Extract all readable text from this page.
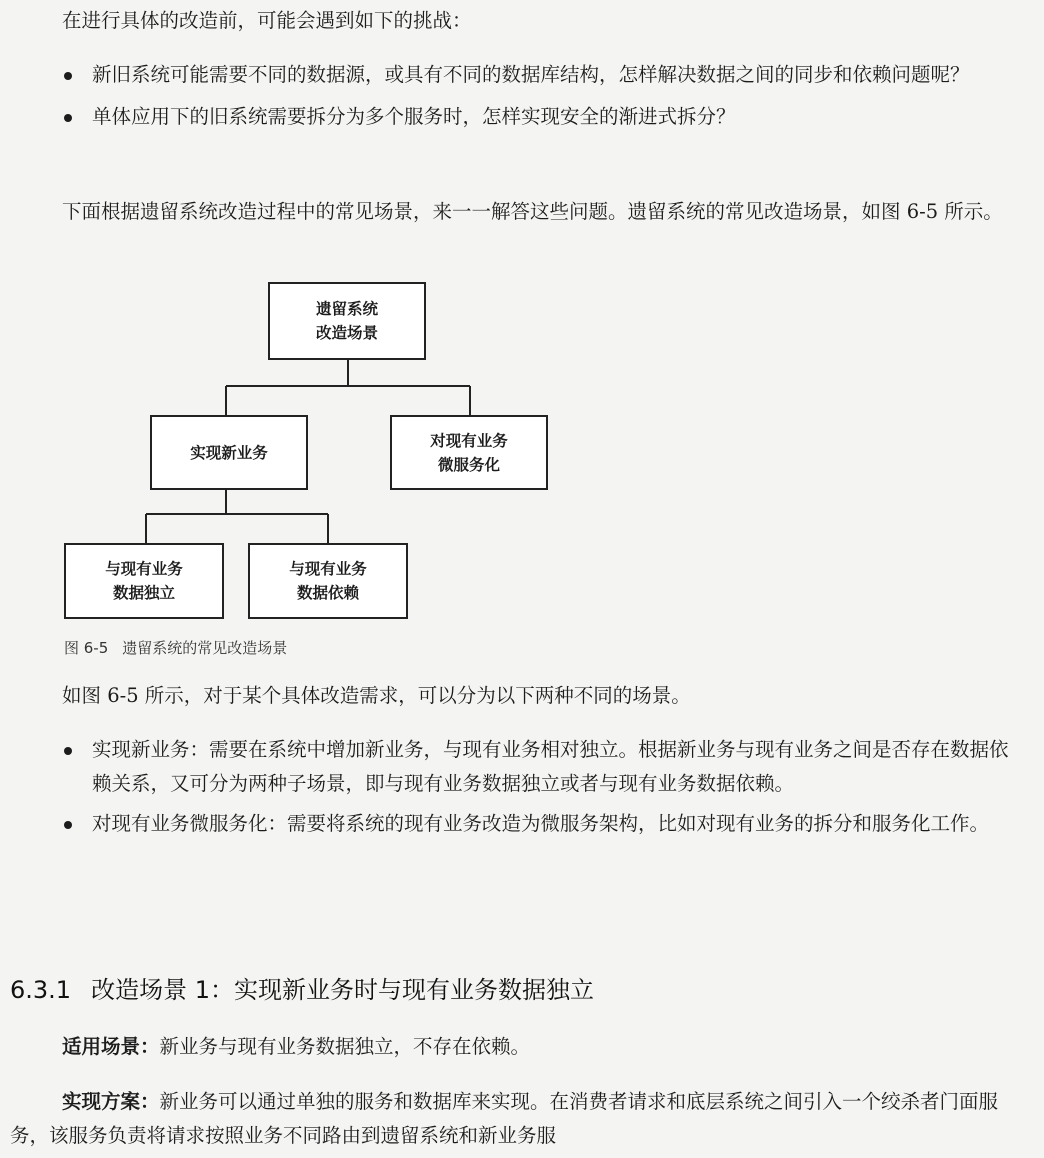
在进行具体的改造前，可能会遇到如下的挑战：

新旧系统可能需要不同的数据源，或具有不同的数据库结构，怎样解决数据之间的同步和依赖问题呢？
单体应用下的旧系统需要拆分为多个服务时，怎样实现安全的渐进式拆分？

下面根据遗留系统改造过程中的常见场景，来一一解答这些问题。遗留系统的常见改造场景，如图 6-5 所示。

遗留系统
改造场景
实现新业务
对现有业务
微服务化
与现有业务
数据独立
与现有业务
数据依赖
图 6-5 遗留系统的常见改造场景

如图 6-5 所示，对于某个具体改造需求，可以分为以下两种不同的场景。

实现新业务：需要在系统中增加新业务，与现有业务相对独立。根据新业务与现有业务之间是否存在数据依赖关系，又可分为两种子场景，即与现有业务数据独立或者与现有业务数据依赖。
对现有业务微服务化：需要将系统的现有业务改造为微服务架构，比如对现有业务的拆分和服务化工作。
6.3.1 改造场景 1：实现新业务时与现有业务数据独立

适用场景：新业务与现有业务数据独立，不存在依赖。

实现方案：新业务可以通过单独的服务和数据库来实现。在消费者请求和底层系统之间引入一个绞杀者门面服务，该服务负责将请求按照业务不同路由到遗留系统和新业务服
